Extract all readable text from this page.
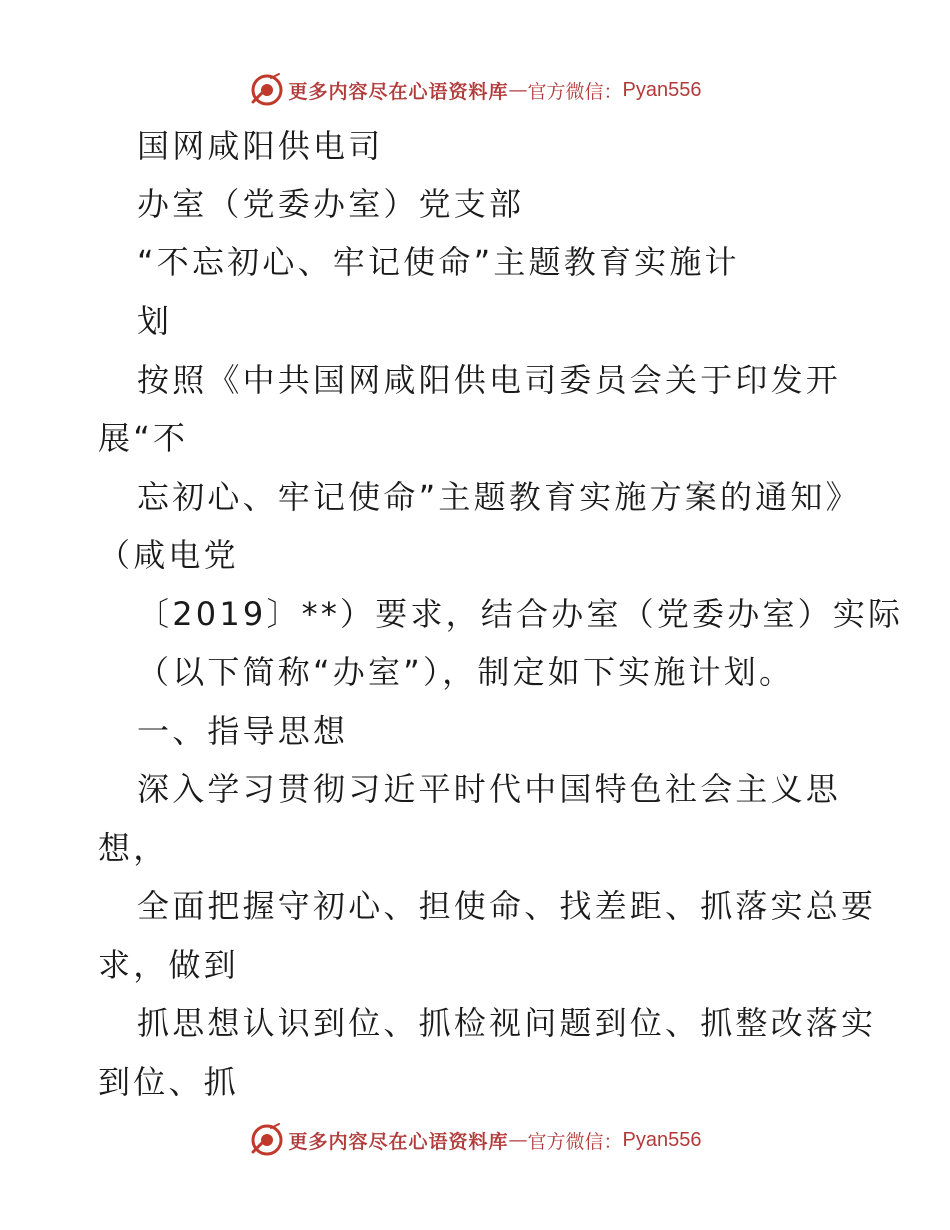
更多内容尽在心语资料库 — 官方微信： Pyan556
国网咸阳供电司
办室（党委办室）党支部
“不忘初心、牢记使命”主题教育实施计
划
按照《中共国网咸阳供电司委员会关于印发开
展“不
忘初心、牢记使命”主题教育实施方案的通知》
（咸电党
〔2019〕**）要求，结合办室（党委办室）实际
（以下简称“办室”），制定如下实施计划。
一、指导思想
深入学习贯彻习近平时代中国特色社会主义思
想，
全面把握守初心、担使命、找差距、抓落实总要
求，做到
抓思想认识到位、抓检视问题到位、抓整改落实
到位、抓
更多内容尽在心语资料库 — 官方微信： Pyan556
